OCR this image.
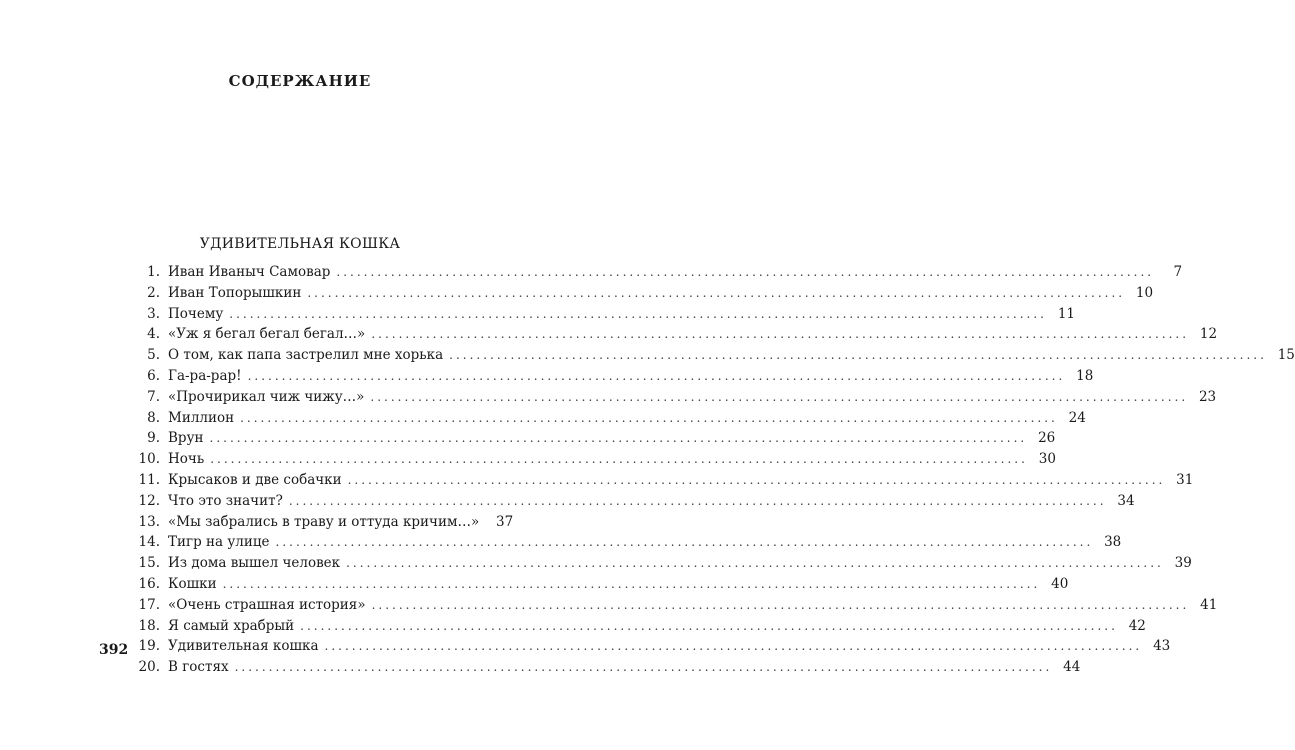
СОДЕРЖАНИЕ
УДИВИТЕЛЬНАЯ КОШКА
1. Иван Иваныч Самовар ........................................................................................................................	7
2. Иван Топорышкин ........................................................................................................................ 10
3. Почему ........................................................................................................................ 11
4. «Уж я бегал бегал бегал…» ........................................................................................................................ 12
5. О том, как папа застрелил мне хорька ........................................................................................................................ 15
6. Га-ра-рар! ........................................................................................................................ 18
7. «Прочирикал чиж чижу…» ........................................................................................................................ 23
8. Миллион ........................................................................................................................ 24
9. Врун ........................................................................................................................ 26
10. Ночь ........................................................................................................................ 30
11. Крысаков и две собачки ........................................................................................................................ 31
12. Что это значит? ........................................................................................................................ 34
13. «Мы забрались в траву и оттуда кричим…»	37
14. Тигр на улице ........................................................................................................................ 38
15. Из дома вышел человек ........................................................................................................................ 39
16. Кошки ........................................................................................................................ 40
17. «Очень страшная история» ........................................................................................................................ 41
18. Я самый храбрый ........................................................................................................................ 42
19. Удивительная кошка ........................................................................................................................ 43
20. В гостях ........................................................................................................................ 44
392
